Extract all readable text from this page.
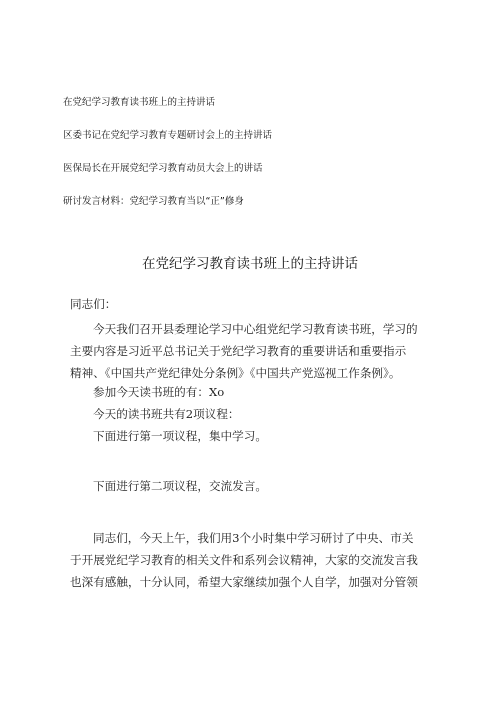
在党纪学习教育读书班上的主持讲话
区委书记在党纪学习教育专题研讨会上的主持讲话
医保局长在开展党纪学习教育动员大会上的讲话
研讨发言材料：党纪学习教育当以“正”修身
在党纪学习教育读书班上的主持讲话
同志们：
今天我们召开县委理论学习中心组党纪学习教育读书班，学习的
主要内容是习近平总书记关于党纪学习教育的重要讲话和重要指示
精神、《中国共产党纪律处分条例》《中国共产党巡视工作条例》。
参加今天读书班的有：Xo
今天的读书班共有2项议程：
下面进行第一项议程，集中学习。
下面进行第二项议程，交流发言。
同志们，今天上午，我们用3个小时集中学习研讨了中央、市关
于开展党纪学习教育的相关文件和系列会议精神，大家的交流发言我
也深有感触，十分认同，希望大家继续加强个人自学，加强对分管领
